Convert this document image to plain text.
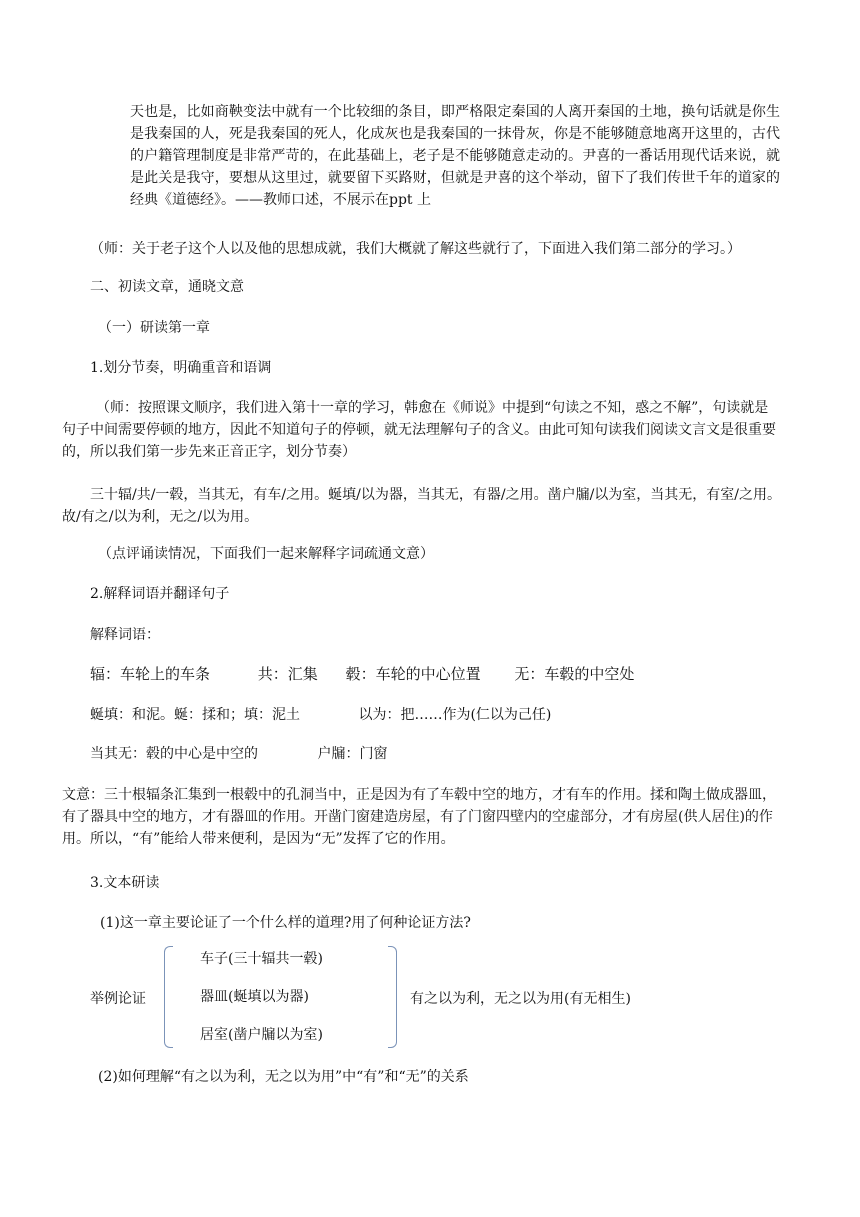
天也是，比如商鞅变法中就有一个比较细的条目，即严格限定秦国的人离开秦国的土地，换句话就是你生是我秦国的人，死是我秦国的死人，化成灰也是我秦国的一抹骨灰，你是不能够随意地离开这里的，古代的户籍管理制度是非常严苛的，在此基础上，老子是不能够随意走动的。尹喜的一番话用现代话来说，就是此关是我守，要想从这里过，就要留下买路财，但就是尹喜的这个举动，留下了我们传世千年的道家的经典《道德经》。——教师口述，不展示在ppt 上

（师：关于老子这个人以及他的思想成就，我们大概就了解这些就行了，下面进入我们第二部分的学习。）

二、初读文章，通晓文意

（一）研读第一章

1.划分节奏，明确重音和语调

（师：按照课文顺序，我们进入第十一章的学习，韩愈在《师说》中提到“句读之不知，惑之不解”，句读就是句子中间需要停顿的地方，因此不知道句子的停顿，就无法理解句子的含义。由此可知句读我们阅读文言文是很重要的，所以我们第一步先来正音正字，划分节奏）

三十辐/共/一毂，当其无，有车/之用。蜒填/以为器，当其无，有器/之用。凿户牖/以为室，当其无，有室/之用。故/有之/以为利，无之/以为用。

（点评诵读情况，下面我们一起来解释字词疏通文意）

2.解释词语并翻译句子

解释词语：

辐：车轮上的车条	共：汇集 毂：车轮的中心位置 无：车毂的中空处
蜒填：和泥。蜒：揉和；填：泥土	以为：把……作为(仁以为己任)
当其无：毂的中心是中空的	户牖：门窗

文意：三十根辐条汇集到一根毂中的孔洞当中，正是因为有了车毂中空的地方，才有车的作用。揉和陶土做成器皿，有了器具中空的地方，才有器皿的作用。开凿门窗建造房屋，有了门窗四壁内的空虚部分，才有房屋(供人居住)的作用。所以，“有”能给人带来便利，是因为“无”发挥了它的作用。

3.文本研读

(1)这一章主要论证了一个什么样的道理?用了何种论证方法?

举例论证
车子(三十辐共一毂)
器皿(蜒填以为器)
居室(凿户牖以为室)
有之以为利，无之以为用(有无相生)

(2)如何理解“有之以为利，无之以为用”中“有”和“无”的关系
